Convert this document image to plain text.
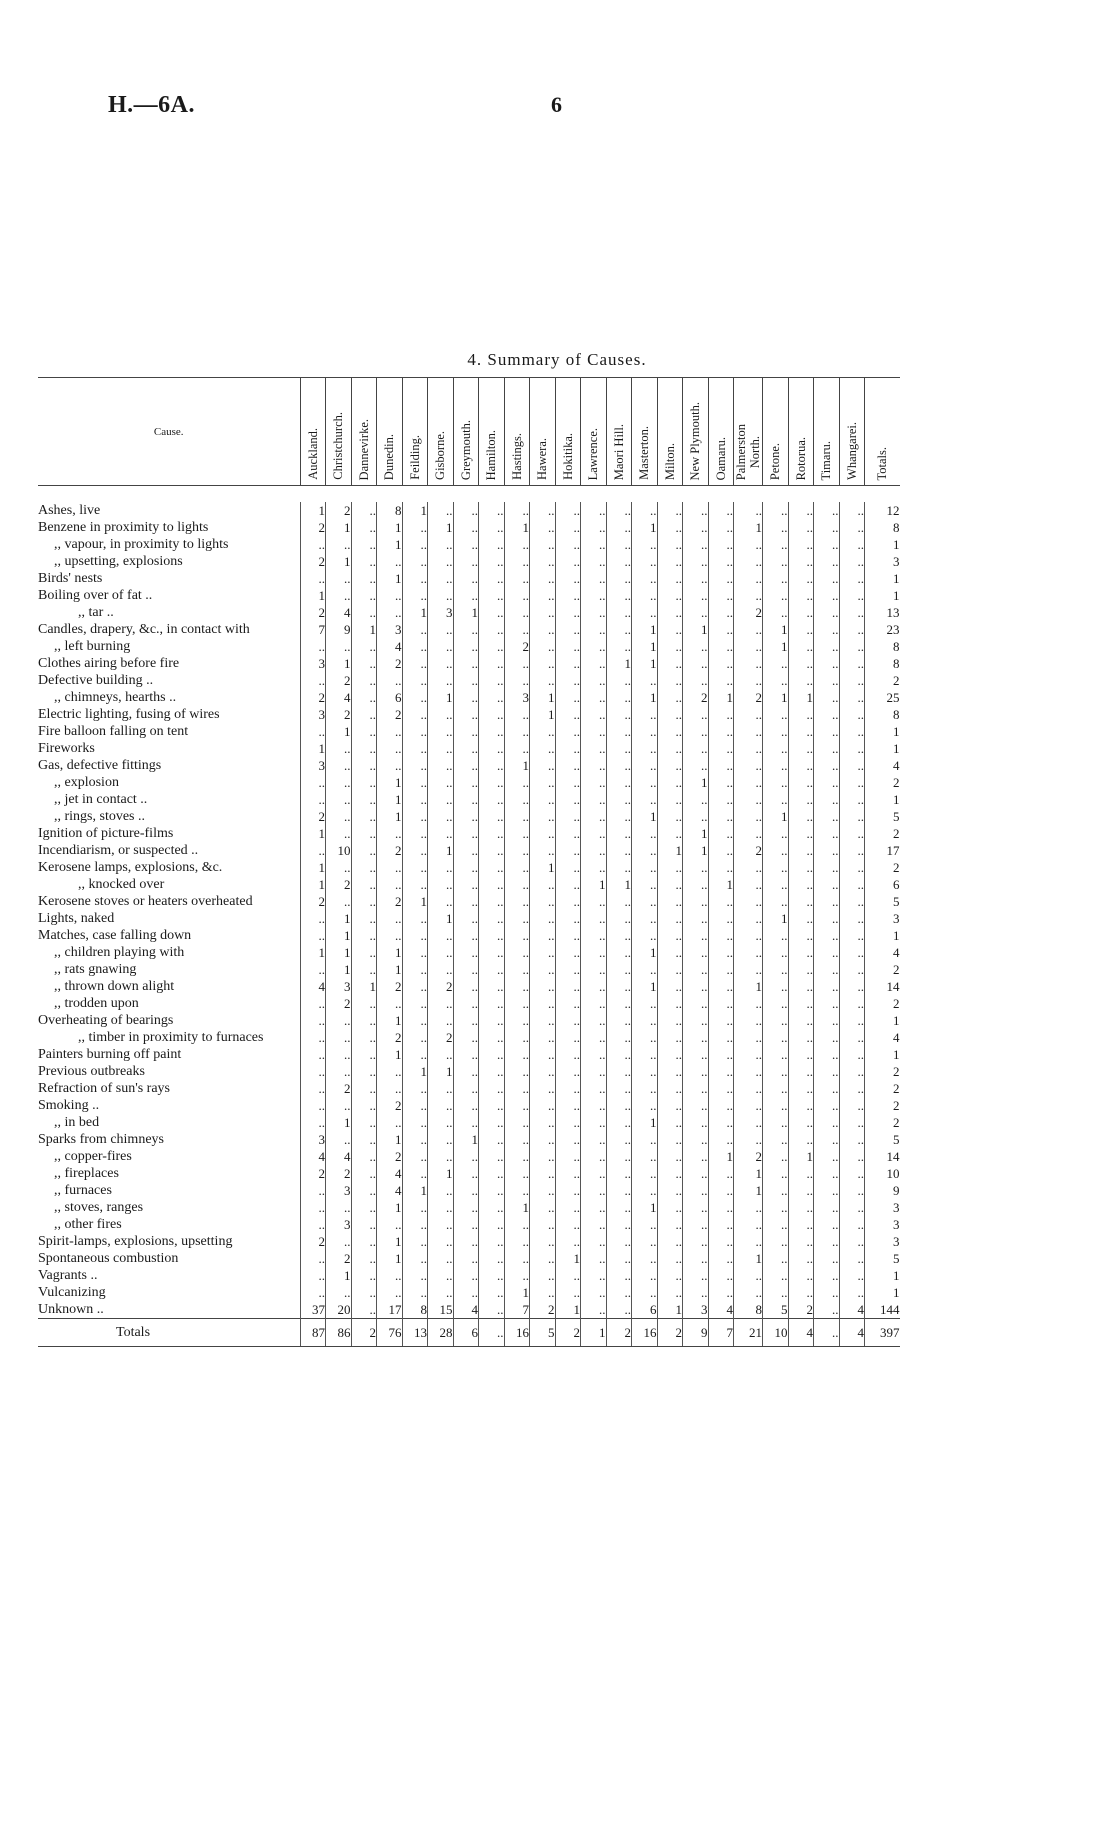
H.—6A.	6
4. Summary of Causes.
Cause.	Auckland.	Christchurch.	Dannevirke.	Dunedin.	Feilding.	Gisborne.	Greymouth.	Hamilton.	Hastings.	Hawera.	Hokitika.	Lawrence.	Maori Hill.	Masterton.	Milton.	New Plymouth.	Oamaru.	Palmerston
North.	Petone.	Rotorua.	Timaru.	Whangarei.	Totals.

Ashes, live	1	2	..	8	1	..	..	..	..	..	..	..	..	..	..	..	..	..	..	..	..	..	12
Benzene in proximity to lights	2	1	..	1	..	1	..	..	1	..	..	..	..	1	..	..	..	1	..	..	..	..	8
,, vapour, in proximity to lights	..	..	..	1	..	..	..	..	..	..	..	..	..	..	..	..	..	..	..	..	..	..	1
,, upsetting, explosions	2	1	..	..	..	..	..	..	..	..	..	..	..	..	..	..	..	..	..	..	..	..	3
Birds' nests	..	..	..	1	..	..	..	..	..	..	..	..	..	..	..	..	..	..	..	..	..	..	1
Boiling over of fat ..	1	..	..	..	..	..	..	..	..	..	..	..	..	..	..	..	..	..	..	..	..	..	1
,, tar ..	2	4	..	..	1	3	1	..	..	..	..	..	..	..	..	..	..	2	..	..	..	..	13
Candles, drapery, &c., in contact with	7	9	1	3	..	..	..	..	..	..	..	..	..	1	..	1	..	..	1	..	..	..	23
,, left burning	..	..	..	4	..	..	..	..	2	..	..	..	..	1	..	..	..	..	1	..	..	..	8
Clothes airing before fire	3	1	..	2	..	..	..	..	..	..	..	..	1	1	..	..	..	..	..	..	..	..	8
Defective building ..	..	2	..	..	..	..	..	..	..	..	..	..	..	..	..	..	..	..	..	..	..	..	2
,, chimneys, hearths ..	2	4	..	6	..	1	..	..	3	1	..	..	..	1	..	2	1	2	1	1	..	..	25
Electric lighting, fusing of wires	3	2	..	2	..	..	..	..	..	1	..	..	..	..	..	..	..	..	..	..	..	..	8
Fire balloon falling on tent	..	1	..	..	..	..	..	..	..	..	..	..	..	..	..	..	..	..	..	..	..	..	1
Fireworks	1	..	..	..	..	..	..	..	..	..	..	..	..	..	..	..	..	..	..	..	..	..	1
Gas, defective fittings	3	..	..	..	..	..	..	..	1	..	..	..	..	..	..	..	..	..	..	..	..	..	4
,, explosion	..	..	..	1	..	..	..	..	..	..	..	..	..	..	..	1	..	..	..	..	..	..	2
,, jet in contact ..	..	..	..	1	..	..	..	..	..	..	..	..	..	..	..	..	..	..	..	..	..	..	1
,, rings, stoves ..	2	..	..	1	..	..	..	..	..	..	..	..	..	1	..	..	..	..	1	..	..	..	5
Ignition of picture-films	1	..	..	..	..	..	..	..	..	..	..	..	..	..	..	1	..	..	..	..	..	..	2
Incendiarism, or suspected ..	..	10	..	2	..	1	..	..	..	..	..	..	..	..	1	1	..	2	..	..	..	..	17
Kerosene lamps, explosions, &c.	1	..	..	..	..	..	..	..	..	1	..	..	..	..	..	..	..	..	..	..	..	..	2
,, knocked over	1	2	..	..	..	..	..	..	..	..	..	1	1	..	..	..	1	..	..	..	..	..	6
Kerosene stoves or heaters overheated	2	..	..	2	1	..	..	..	..	..	..	..	..	..	..	..	..	..	..	..	..	..	5
Lights, naked	..	1	..	..	..	1	..	..	..	..	..	..	..	..	..	..	..	..	1	..	..	..	3
Matches, case falling down	..	1	..	..	..	..	..	..	..	..	..	..	..	..	..	..	..	..	..	..	..	..	1
,, children playing with	1	1	..	1	..	..	..	..	..	..	..	..	..	1	..	..	..	..	..	..	..	..	4
,, rats gnawing	..	1	..	1	..	..	..	..	..	..	..	..	..	..	..	..	..	..	..	..	..	..	2
,, thrown down alight	4	3	1	2	..	2	..	..	..	..	..	..	..	1	..	..	..	1	..	..	..	..	14
,, trodden upon	..	2	..	..	..	..	..	..	..	..	..	..	..	..	..	..	..	..	..	..	..	..	2
Overheating of bearings	..	..	..	1	..	..	..	..	..	..	..	..	..	..	..	..	..	..	..	..	..	..	1
,, timber in proximity to furnaces	..	..	..	2	..	2	..	..	..	..	..	..	..	..	..	..	..	..	..	..	..	..	4
Painters burning off paint	..	..	..	1	..	..	..	..	..	..	..	..	..	..	..	..	..	..	..	..	..	..	1
Previous outbreaks	..	..	..	..	1	1	..	..	..	..	..	..	..	..	..	..	..	..	..	..	..	..	2
Refraction of sun's rays	..	2	..	..	..	..	..	..	..	..	..	..	..	..	..	..	..	..	..	..	..	..	2
Smoking ..	..	..	..	2	..	..	..	..	..	..	..	..	..	..	..	..	..	..	..	..	..	..	2
,, in bed	..	1	..	..	..	..	..	..	..	..	..	..	..	1	..	..	..	..	..	..	..	..	2
Sparks from chimneys	3	..	..	1	..	..	1	..	..	..	..	..	..	..	..	..	..	..	..	..	..	..	5
,, copper-fires	4	4	..	2	..	..	..	..	..	..	..	..	..	..	..	..	1	2	..	1	..	..	14
,, fireplaces	2	2	..	4	..	1	..	..	..	..	..	..	..	..	..	..	..	1	..	..	..	..	10
,, furnaces	..	3	..	4	1	..	..	..	..	..	..	..	..	..	..	..	..	1	..	..	..	..	9
,, stoves, ranges	..	..	..	1	..	..	..	..	1	..	..	..	..	1	..	..	..	..	..	..	..	..	3
,, other fires	..	3	..	..	..	..	..	..	..	..	..	..	..	..	..	..	..	..	..	..	..	..	3
Spirit-lamps, explosions, upsetting	2	..	..	1	..	..	..	..	..	..	..	..	..	..	..	..	..	..	..	..	..	..	3
Spontaneous combustion	..	2	..	1	..	..	..	..	..	..	1	..	..	..	..	..	..	1	..	..	..	..	5
Vagrants ..	..	1	..	..	..	..	..	..	..	..	..	..	..	..	..	..	..	..	..	..	..	..	1
Vulcanizing	..	..	..	..	..	..	..	..	1	..	..	..	..	..	..	..	..	..	..	..	..	..	1
Unknown ..	37	20	..	17	8	15	4	..	7	2	1	..	..	6	1	3	4	8	5	2	..	4	144
Totals	87	86	2	76	13	28	6	..	16	5	2	1	2	16	2	9	7	21	10	4	..	4	397
